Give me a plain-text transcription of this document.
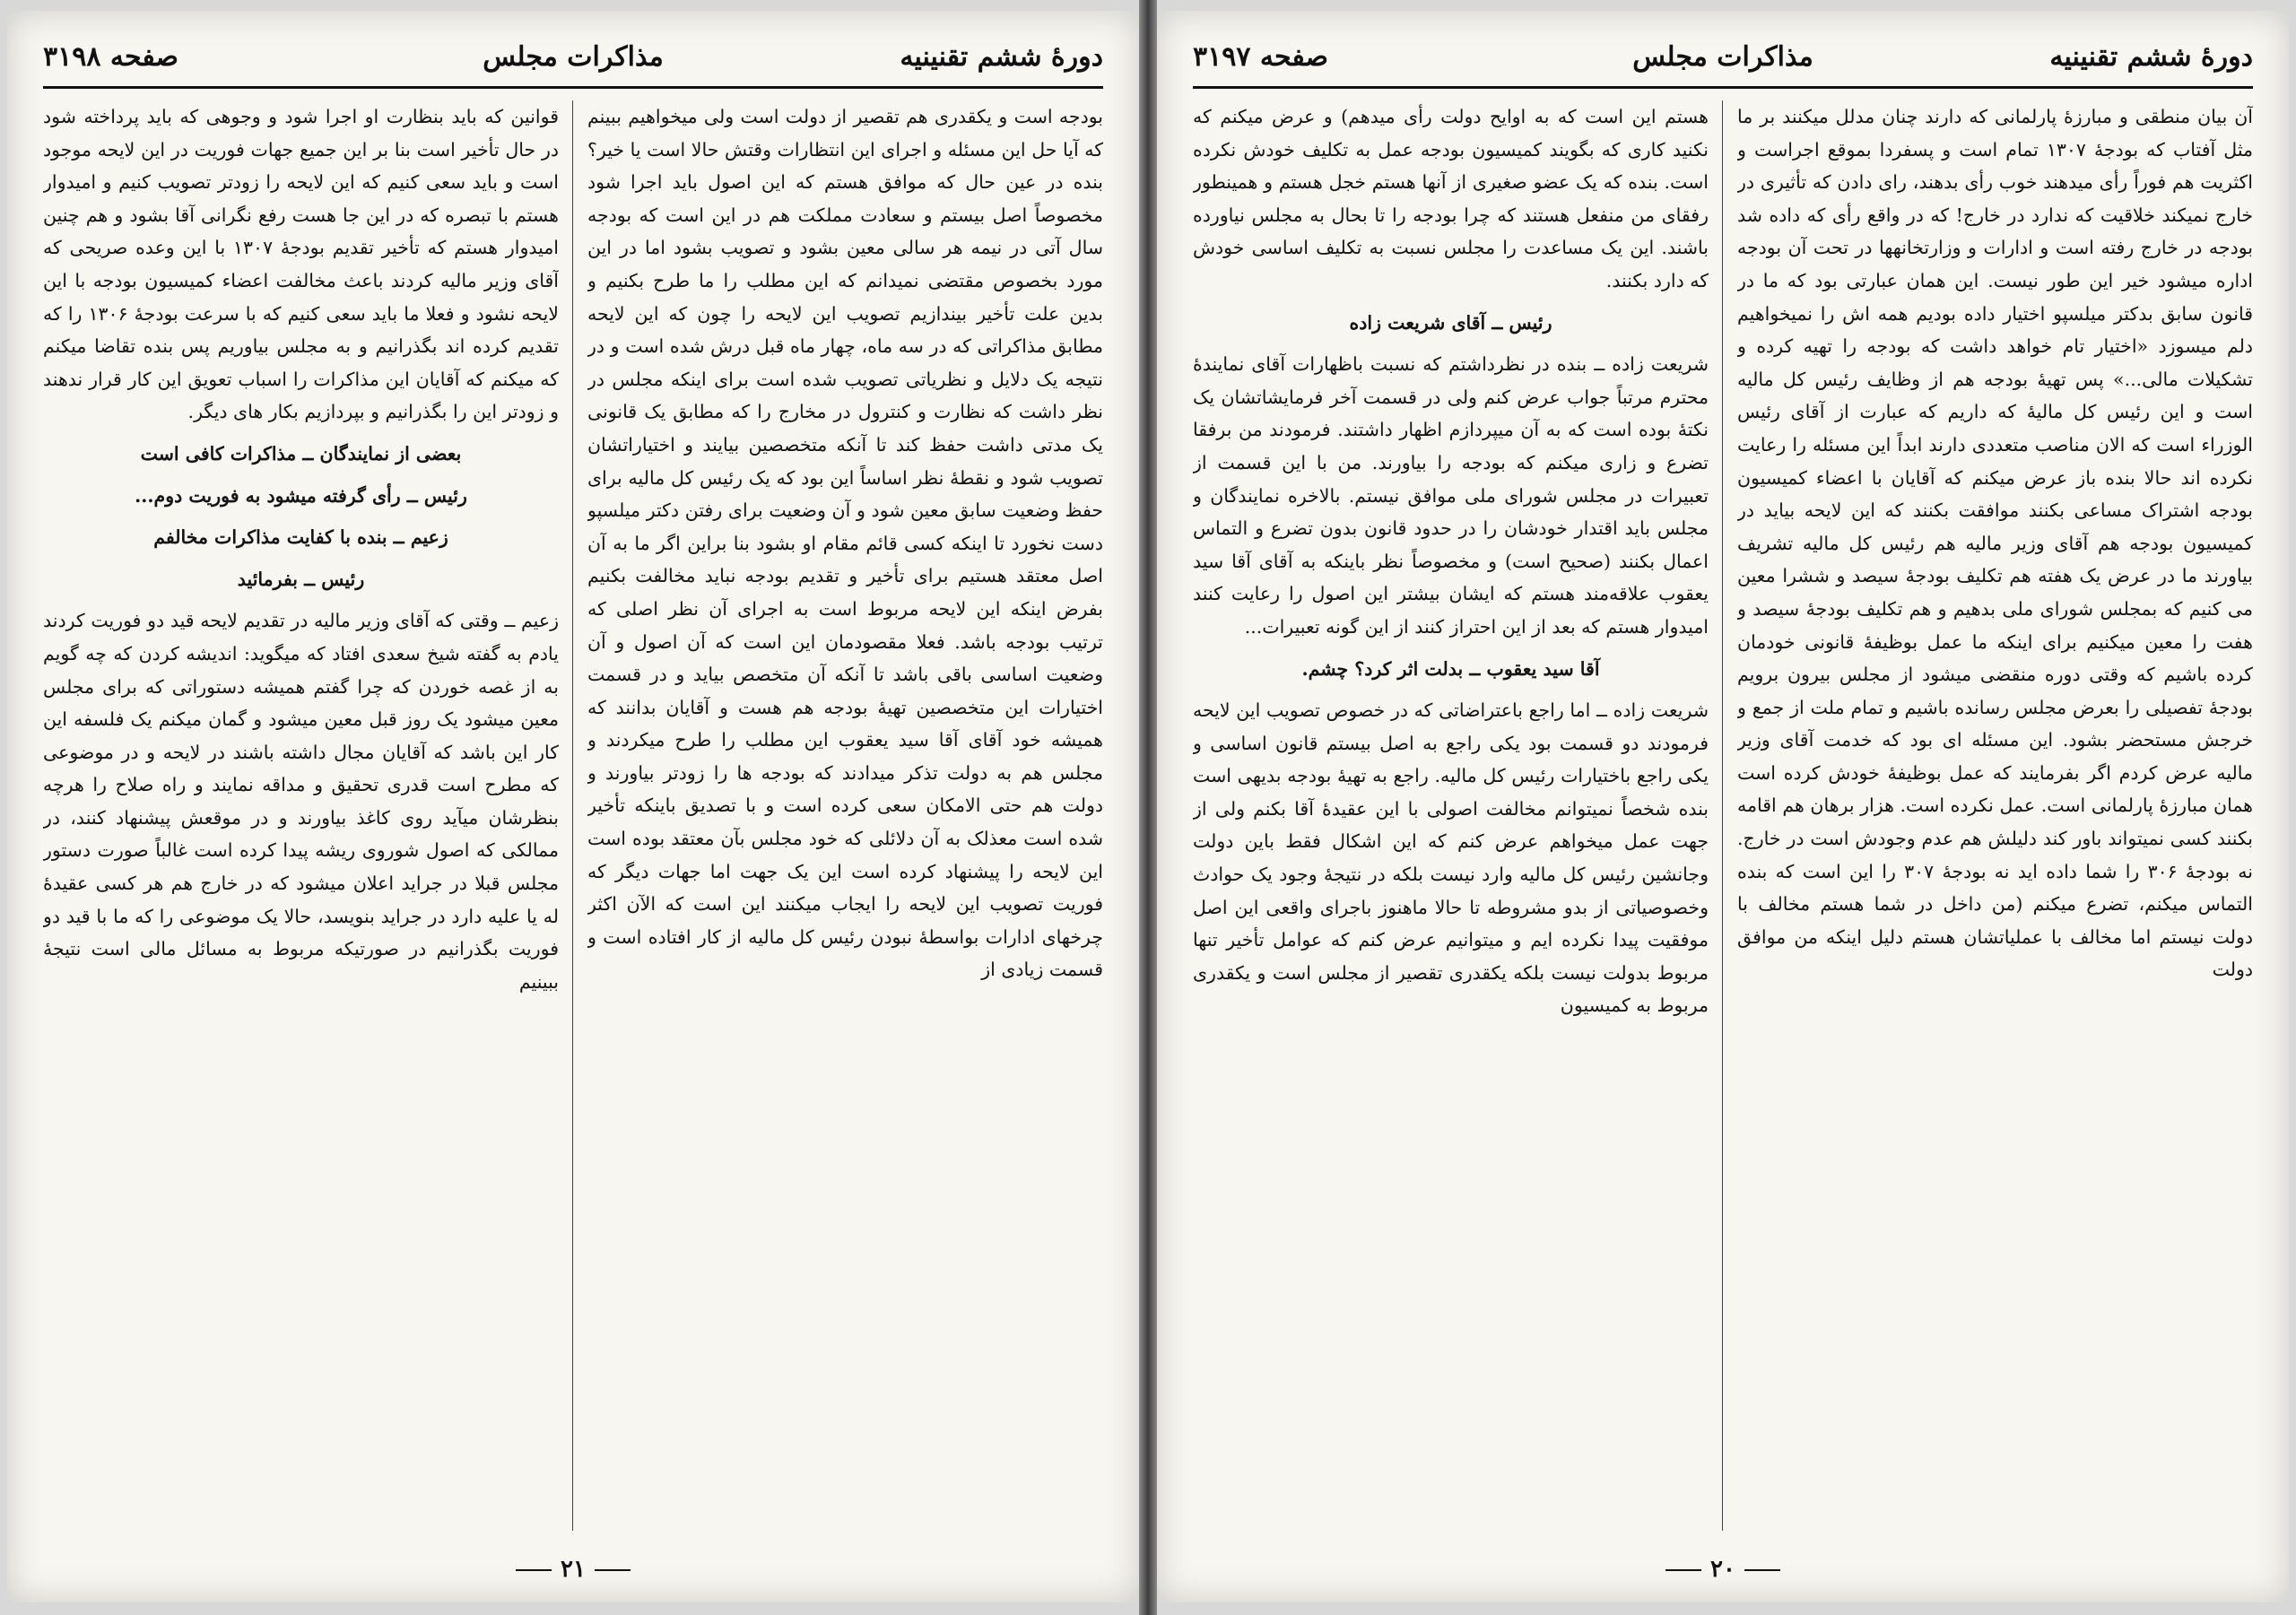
دورهٔ ششم تقنینیه
مذاکرات مجلس
صفحه ۳۱۹۸

بودجه است و یکقدری هم تقصیر از دولت است ولی میخواهیم ببینم که آیا حل این مسئله و اجرای این انتظارات وقتش حالا است یا خیر؟ بنده در عین حال که موافق هستم که این اصول باید اجرا شود مخصوصاً اصل بیستم و سعادت مملکت هم در این است که بودجه سال آتی در نیمه هر سالی معین بشود و تصویب بشود اما در این مورد بخصوص مقتضی نمیدانم که این مطلب را ما طرح بکنیم و بدین علت تأخیر بیندازیم تصویب این لایحه را چون که این لایحه مطابق مذاکراتی که در سه ماه، چهار ماه قبل درش شده است و در نتیجه یک دلایل و نظریاتی تصویب شده است برای اینکه مجلس در نظر داشت که نظارت و کنترول در مخارج را که مطابق یک قانونی یک مدتی داشت حفظ کند تا آنکه متخصصین بیایند و اختیاراتشان تصویب شود و نقطهٔ نظر اساساً این بود که یک رئیس کل مالیه برای حفظ وضعیت سابق معین شود و آن وضعیت برای رفتن دکتر میلسپو دست نخورد تا اینکه کسی قائم مقام او بشود بنا براین اگر ما به آن اصل معتقد هستیم برای تأخیر و تقدیم بودجه نباید مخالفت بکنیم بفرض اینکه این لایحه مربوط است به اجرای آن نظر اصلی که ترتیب بودجه باشد. فعلا مقصودمان این است که آن اصول و آن وضعیت اساسی باقی باشد تا آنکه آن متخصص بیاید و در قسمت اختیارات این متخصصین تهیهٔ بودجه هم هست و آقایان بدانند که همیشه خود آقای آقا سید یعقوب این مطلب را طرح میکردند و مجلس هم به دولت تذکر میدادند که بودجه ها را زودتر بیاورند و دولت هم حتی الامکان سعی کرده است و با تصدیق باینکه تأخیر شده است معذلک به آن دلائلی که خود مجلس بآن معتقد بوده است این لایحه را پیشنهاد کرده است این یک جهت اما جهات دیگر که فوریت تصویب این لایحه را ایجاب میکنند این است که الآن اکثر چرخهای ادارات بواسطهٔ نبودن رئیس کل مالیه از کار افتاده است و قسمت زیادی از

قوانین که باید بنظارت او اجرا شود و وجوهی که باید پرداخته شود در حال تأخیر است بنا بر این جمیع جهات فوریت در این لایحه موجود است و باید سعی کنیم که این لایحه را زودتر تصویب کنیم و امیدوار هستم با تبصره که در این جا هست رفع نگرانی آقا بشود و هم چنین امیدوار هستم که تأخیر تقدیم بودجهٔ ۱۳۰۷ با این وعده صریحی که آقای وزیر مالیه کردند باعث مخالفت اعضاء کمیسیون بودجه با این لایحه نشود و فعلا ما باید سعی کنیم که با سرعت بودجهٔ ۱۳۰۶ را که تقدیم کرده اند بگذرانیم و به مجلس بیاوریم پس بنده تقاضا میکنم که میکنم که آقایان این مذاکرات را اسباب تعویق این کار قرار ندهند و زودتر این را بگذرانیم و بپردازیم بکار های دیگر.

بعضی از نمایندگان ــ مذاکرات کافی است
رئیس ــ رأی گرفته میشود به فوریت دوم...
زعیم ــ بنده با کفایت مذاکرات مخالفم
رئیس ــ بفرمائید

زعیم ــ وقتی که آقای وزیر مالیه در تقدیم لایحه قید دو فوریت کردند یادم به گفته شیخ سعدی افتاد که میگوید: اندیشه کردن که چه گویم به از غصه خوردن که چرا گفتم همیشه دستوراتی که برای مجلس معین میشود یک روز قبل معین میشود و گمان میکنم یک فلسفه این کار این باشد که آقایان مجال داشته باشند در لایحه و در موضوعی که مطرح است قدری تحقیق و مداقه نمایند و راه صلاح را هرچه بنظرشان میآید روی کاغذ بیاورند و در موقعش پیشنهاد کنند، در ممالکی که اصول شوروی ریشه پیدا کرده است غالباً صورت دستور مجلس قبلا در جراید اعلان میشود که در خارج هم هر کسی عقیدهٔ له یا علیه دارد در جراید بنویسد، حالا یک موضوعی را که ما با قید دو فوریت بگذرانیم در صورتیکه مربوط به مسائل مالی است نتیجهٔ ببینیم

۲۱
دورهٔ ششم تقنینیه
مذاکرات مجلس
صفحه ۳۱۹۷

آن بیان منطقی و مبارزهٔ پارلمانی که دارند چنان مدلل میکنند بر ما مثل آفتاب که بودجهٔ ۱۳۰۷ تمام است و پسفردا بموقع اجراست و اکثریت هم فوراً رأی میدهند خوب رأی بدهند، رای دادن که تأثیری در خارج نمیکند خلاقیت که ندارد در خارج! که در واقع رأی که داده شد بودجه در خارج رفته است و ادارات و وزارتخانهها در تحت آن بودجه اداره میشود خیر این طور نیست. این همان عبارتی بود که ما در قانون سابق بدکتر میلسپو اختیار داده بودیم همه اش را نمیخواهیم دلم میسوزد «اختیار تام خواهد داشت که بودجه را تهیه کرده و تشکیلات مالی...» پس تهیهٔ بودجه هم از وظایف رئیس کل مالیه است و این رئیس کل مالیهٔ که داریم که عبارت از آقای رئیس الوزراء است که الان مناصب متعددی دارند ابداً این مسئله را رعایت نکرده اند حالا بنده باز عرض میکنم که آقایان با اعضاء کمیسیون بودجه اشتراک مساعی بکنند موافقت بکنند که این لایحه بیاید در کمیسیون بودجه هم آقای وزیر مالیه هم رئیس کل مالیه تشریف بیاورند ما در عرض یک هفته هم تکلیف بودجهٔ سیصد و ششرا معین می کنیم که بمجلس شورای ملی بدهیم و هم تکلیف بودجهٔ سیصد و هفت را معین میکنیم برای اینکه ما عمل بوظیفهٔ قانونی خودمان کرده باشیم که وقتی دوره منقضی میشود از مجلس بیرون برویم بودجهٔ تفصیلی را بعرض مجلس رسانده باشیم و تمام ملت از جمع و خرجش مستحضر بشود. این مسئله ای بود که خدمت آقای وزیر مالیه عرض کردم اگر بفرمایند که عمل بوظیفهٔ خودش کرده است همان مبارزهٔ پارلمانی است. عمل نکرده است. هزار برهان هم اقامه بکنند کسی نمیتواند باور کند دلیلش هم عدم وجودش است در خارج. نه بودجهٔ ۳۰۶ را شما داده اید نه بودجهٔ ۳۰۷ را این است که بنده التماس میکنم، تضرع میکنم (من داخل در شما هستم مخالف با دولت نیستم اما مخالف با عملیاتشان هستم دلیل اینکه من موافق دولت

هستم این است که به اوایح دولت رأی میدهم) و عرض میکنم که نکنید کاری که بگویند کمیسیون بودجه عمل به تکلیف خودش نکرده است. بنده که یک عضو صغیری از آنها هستم خجل هستم و همینطور رفقای من منفعل هستند که چرا بودجه را تا بحال به مجلس نیاورده باشند. این یک مساعدت را مجلس نسبت به تکلیف اساسی خودش که دارد بکنند.

رئیس ــ آقای شریعت زاده

شریعت زاده ــ بنده در نظرداشتم که نسبت باظهارات آقای نمایندهٔ محترم مرتباً جواب عرض کنم ولی در قسمت آخر فرمایشاتشان یک نکتهٔ بوده است که به آن میپردازم اظهار داشتند. فرمودند من برفقا تضرع و زاری میکنم که بودجه را بیاورند. من با این قسمت از تعبیرات در مجلس شورای ملی موافق نیستم. بالاخره نمایندگان و مجلس باید اقتدار خودشان را در حدود قانون بدون تضرع و التماس اعمال بکنند (صحیح است) و مخصوصاً نظر باینکه به آقای آقا سید یعقوب علاقه‌مند هستم که ایشان بیشتر این اصول را رعایت کنند امیدوار هستم که بعد از این احتراز کنند از این گونه تعبیرات...

آقا سید یعقوب ــ بدلت اثر کرد؟ چشم.

شریعت زاده ــ اما راجع باعتراضاتی که در خصوص تصویب این لایحه فرمودند دو قسمت بود یکی راجع به اصل بیستم قانون اساسی و یکی راجع باختیارات رئیس کل مالیه. راجع به تهیهٔ بودجه بدیهی است بنده شخصاً نمیتوانم مخالفت اصولی با این عقیدهٔ آقا بکنم ولی از جهت عمل میخواهم عرض کنم که این اشکال فقط باین دولت وجانشین رئیس کل مالیه وارد نیست بلکه در نتیجهٔ وجود یک حوادث وخصوصیاتی از بدو مشروطه تا حالا ماهنوز باجرای واقعی این اصل موفقیت پیدا نکرده ایم و میتوانیم عرض کنم که عوامل تأخیر تنها مربوط بدولت نیست بلکه یکقدری تقصیر از مجلس است و یکقدری مربوط به کمیسیون

۲۰
